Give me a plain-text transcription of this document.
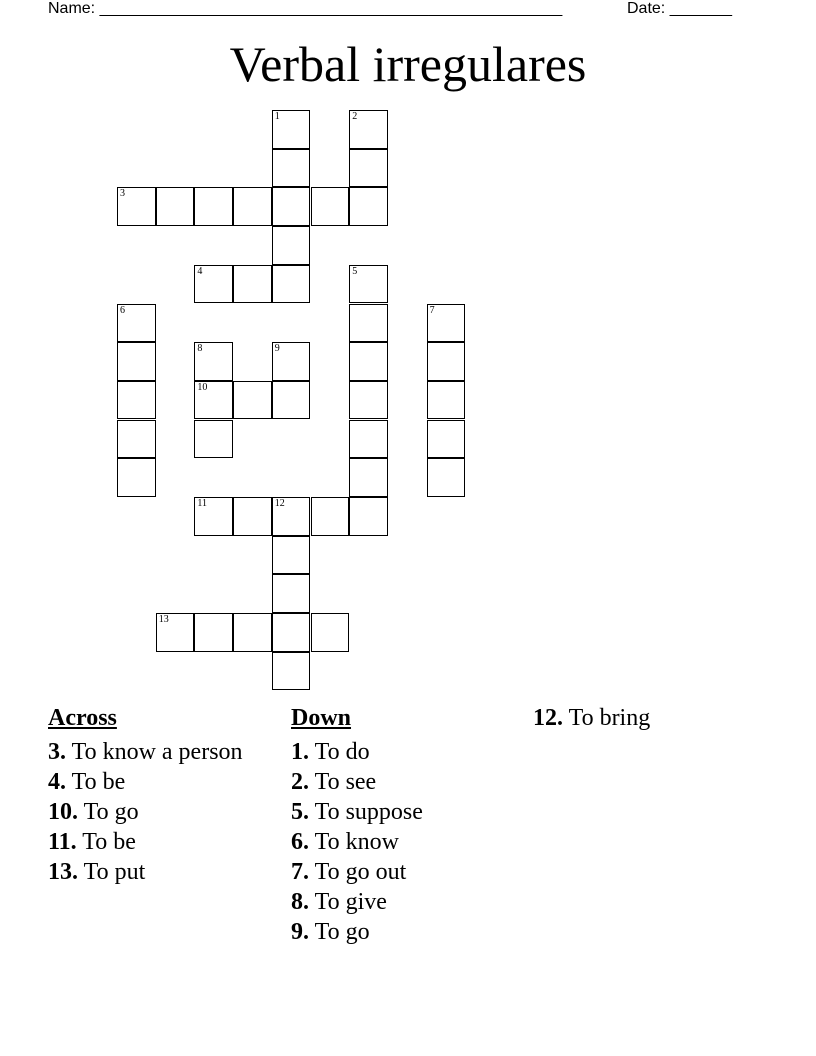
Name: ____________________________________________________	Date: _______
Verbal irregulares
1	2
3
4	5
6	7
8	9
10
11	12
13
Across
3. To know a person
4. To be
10. To go
11. To be
13. To put
Down
1. To do
2. To see
5. To suppose
6. To know
7. To go out
8. To give
9. To go
12. To bring
